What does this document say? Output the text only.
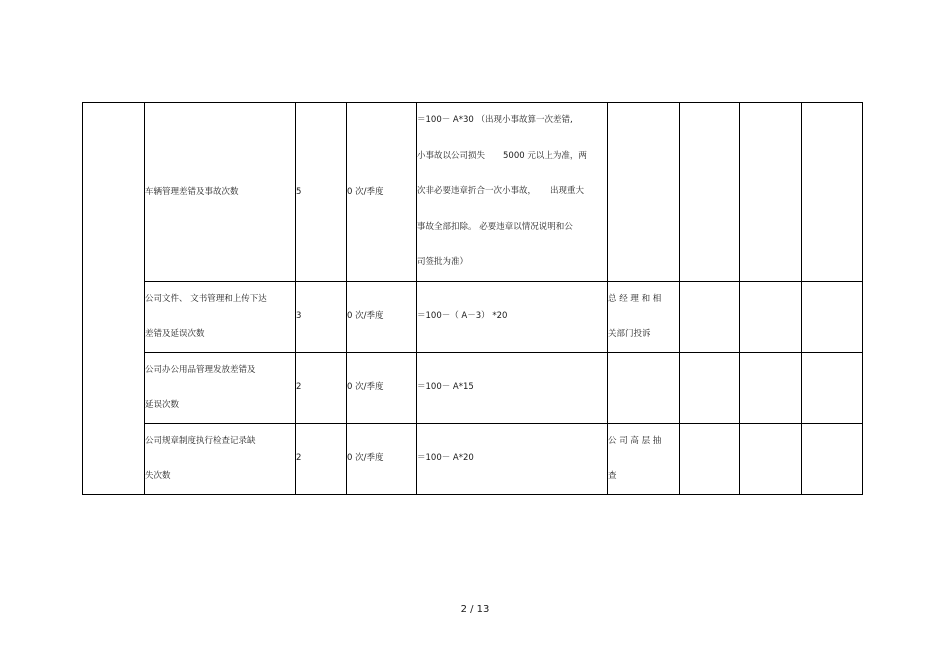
	车辆管理差错及事故次数	5	0 次/季度	＝100－ A*30 （出现小事故算一次差错,
小事故以公司损失 5000 元以上为准，两
次非必要违章折合一次小事故， 出现重大
事故全部扣除。 必要违章以情况说明和公
司签批为准）				

	公司文件、 文书管理和上传下达
差错及延误次数	3	0 次/季度	＝100－（ A－3） *20	总 经 理 和 相
关部门投诉			

	公司办公用品管理发放差错及
延误次数	2	0 次/季度	＝100－ A*15				

	公司规章制度执行检查记录缺
失次数	2	0 次/季度	＝100－ A*20	公 司 高 层 抽
查			

2 / 13
